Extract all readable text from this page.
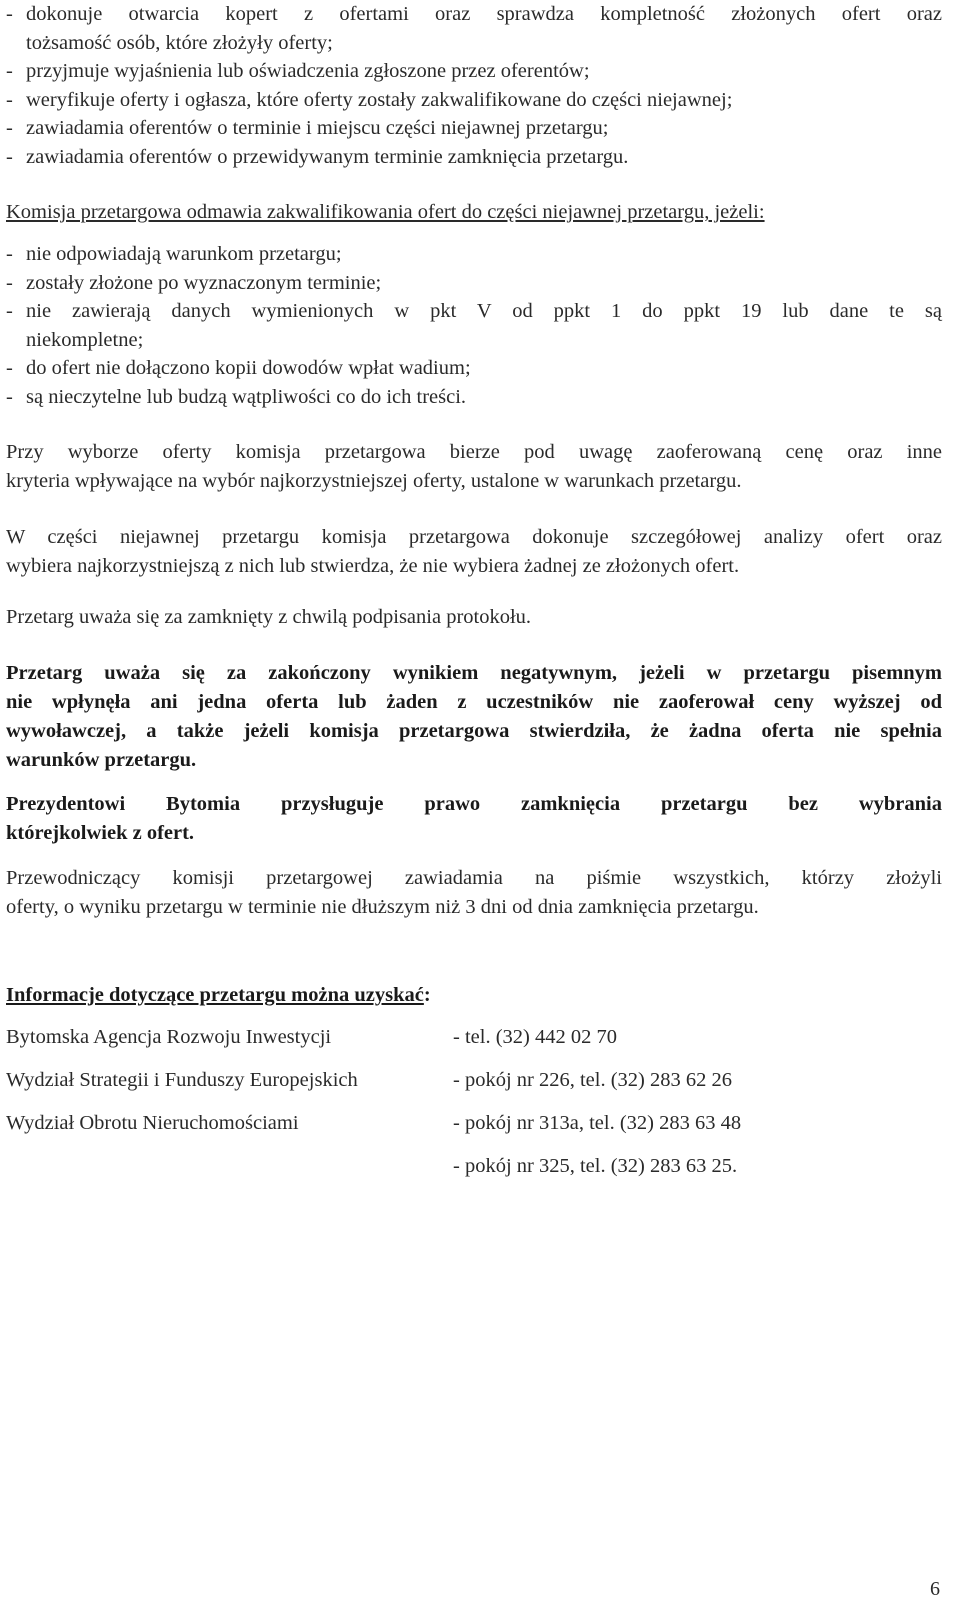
- dokonuje otwarcia kopert z ofertami oraz sprawdza kompletność złożonych ofert oraz
tożsamość osób, które złożyły oferty;
- przyjmuje wyjaśnienia lub oświadczenia zgłoszone przez oferentów;
- weryfikuje oferty i ogłasza, które oferty zostały zakwalifikowane do części niejawnej;
- zawiadamia oferentów o terminie i miejscu części niejawnej przetargu;
- zawiadamia oferentów o przewidywanym terminie zamknięcia przetargu.
Komisja przetargowa odmawia zakwalifikowania ofert do części niejawnej przetargu, jeżeli:
- nie odpowiadają warunkom przetargu;
- zostały złożone po wyznaczonym terminie;
- nie zawierają danych wymienionych w pkt V od ppkt 1 do ppkt 19 lub dane te są
niekompletne;
- do ofert nie dołączono kopii dowodów wpłat wadium;
- są nieczytelne lub budzą wątpliwości co do ich treści.
Przy wyborze oferty komisja przetargowa bierze pod uwagę zaoferowaną cenę oraz inne
kryteria wpływające na wybór najkorzystniejszej oferty, ustalone w warunkach przetargu.
W części niejawnej przetargu komisja przetargowa dokonuje szczegółowej analizy ofert oraz
wybiera najkorzystniejszą z nich lub stwierdza, że nie wybiera żadnej ze złożonych ofert.
Przetarg uważa się za zamknięty z chwilą podpisania protokołu.
Przetarg uważa się za zakończony wynikiem negatywnym, jeżeli w przetargu pisemnym
nie wpłynęła ani jedna oferta lub żaden z uczestników nie zaoferował ceny wyższej od
wywoławczej, a także jeżeli komisja przetargowa stwierdziła, że żadna oferta nie spełnia
warunków przetargu.
Prezydentowi Bytomia przysługuje prawo zamknięcia przetargu bez wybrania
którejkolwiek z ofert.
Przewodniczący komisji przetargowej zawiadamia na piśmie wszystkich, którzy złożyli
oferty, o wyniku przetargu w terminie nie dłuższym niż 3 dni od dnia zamknięcia przetargu.
Informacje dotyczące przetargu można uzyskać:
Bytomska Agencja Rozwoju Inwestycji	- tel. (32) 442 02 70
Wydział Strategii i Funduszy Europejskich	- pokój nr 226, tel. (32) 283 62 26
Wydział Obrotu Nieruchomościami	- pokój nr 313a, tel. (32) 283 63 48
- pokój nr 325, tel. (32) 283 63 25.
6
